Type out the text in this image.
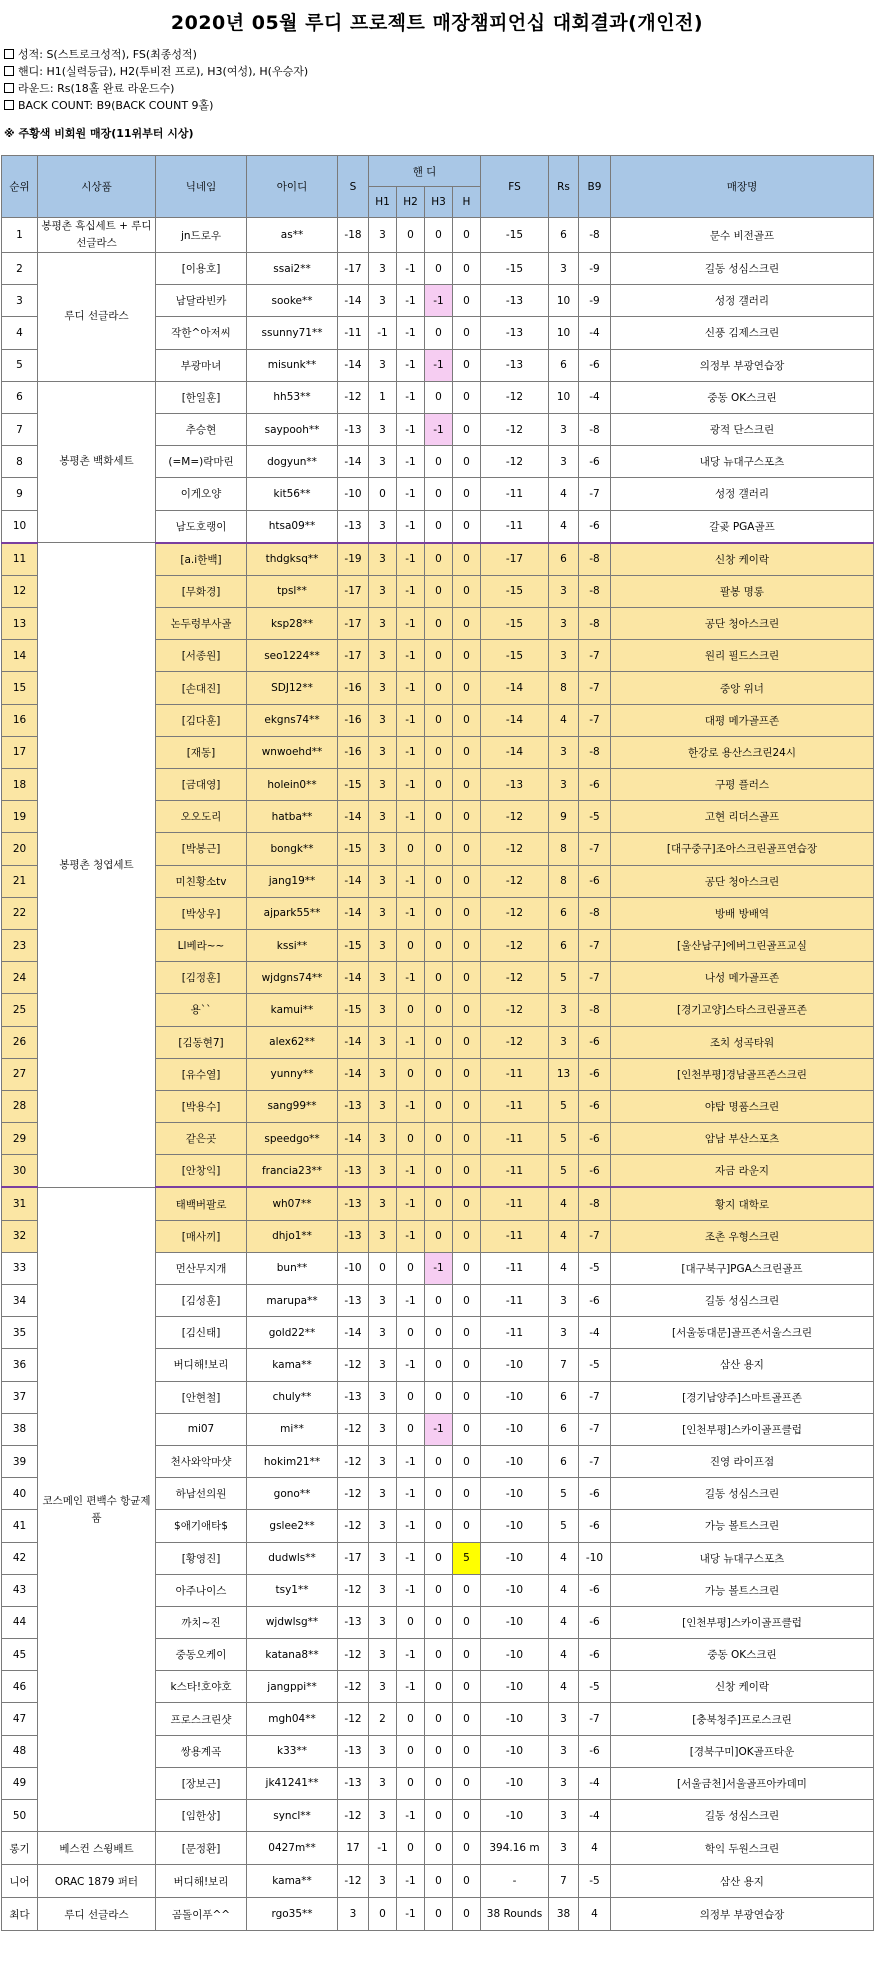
2020년 05월 루디 프로젝트 매장챔피언십 대회결과(개인전)
성적: S(스트로크성적), FS(최종성적)
핸디: H1(실력등급), H2(투비전 프로), H3(여성), H(우승자)
라운드: Rs(18홀 완료 라운드수)
BACK COUNT: B9(BACK COUNT 9홀)
※ 주황색 비회원 매장(11위부터 시상)
순위	시상품	닉네임	아이디	S	핸 디				FS	Rs	B9	매장명
					H1	H2	H3	H				
1	봉평촌 흑십세트 + 루디 선글라스	jn드로우	as**	-18	3	0	0	0	-15	6	-8	문수 비전골프
2	루디 선글라스	[이용호]	ssai2**	-17	3	-1	0	0	-15	3	-9	길동 성심스크린
3		남달라빈카	sooke**	-14	3	-1	-1	0	-13	10	-9	성정 갤러리
4		작한^아저씨	ssunny71**	-11	-1	-1	0	0	-13	10	-4	신풍 김제스크린
5		부광마녀	misunk**	-14	3	-1	-1	0	-13	6	-6	의정부 부광연습장
6	봉평촌 백화세트	[한일훈]	hh53**	-12	1	-1	0	0	-12	10	-4	중동 OK스크린
7		추승현	saypooh**	-13	3	-1	-1	0	-12	3	-8	광적 단스크린
8		(=M=)락마린	dogyun**	-14	3	-1	0	0	-12	3	-6	내당 뉴대구스포츠
9		이게오양	kit56**	-10	0	-1	0	0	-11	4	-7	성정 갤러리
10		남도호랭이	htsa09**	-13	3	-1	0	0	-11	4	-6	갈곶 PGA골프
11	봉평촌 청엽세트	[a.i한백]	thdgksq**	-19	3	-1	0	0	-17	6	-8	신창 케이락
12		[무화경]	tpsl**	-17	3	-1	0	0	-15	3	-8	팔봉 명롱
13		논두렁부사골	ksp28**	-17	3	-1	0	0	-15	3	-8	공단 청아스크린
14		[서종원]	seo1224**	-17	3	-1	0	0	-15	3	-7	원리 필드스크린
15		[손대진]	SDJ12**	-16	3	-1	0	0	-14	8	-7	중앙 위너
16		[김다훈]	ekgns74**	-16	3	-1	0	0	-14	4	-7	대평 메가골프존
17		[재동]	wnwoehd**	-16	3	-1	0	0	-14	3	-8	한강로 용산스크린24시
18		[금대영]	holein0**	-15	3	-1	0	0	-13	3	-6	구평 플러스
19		오오도리	hatba**	-14	3	-1	0	0	-12	9	-5	고현 리더스골프
20		[박봉근]	bongk**	-15	3	0	0	0	-12	8	-7	[대구중구]조아스크린골프연습장
21		미친황소tv	jang19**	-14	3	-1	0	0	-12	8	-6	공단 청아스크린
22		[박상우]	ajpark55**	-14	3	-1	0	0	-12	6	-8	방배 방배역
23		Ll베라~~	kssi**	-15	3	0	0	0	-12	6	-7	[울산남구]에버그린골프교실
24		[김정훈]	wjdgns74**	-14	3	-1	0	0	-12	5	-7	나성 메가골프존
25		용``	kamui**	-15	3	0	0	0	-12	3	-8	[경기고양]스타스크린골프존
26		[김동현7]	alex62**	-14	3	-1	0	0	-12	3	-6	조치 성곡타워
27		[유수열]	yunny**	-14	3	0	0	0	-11	13	-6	[인천부평]경남골프존스크린
28		[박용수]	sang99**	-13	3	-1	0	0	-11	5	-6	야탑 명품스크린
29		같은곳	speedgo**	-14	3	0	0	0	-11	5	-6	암남 부산스포츠
30		[안창익]	francia23**	-13	3	-1	0	0	-11	5	-6	자금 라운지
31	코스메인 편백수 항균제품	태백버팔로	wh07**	-13	3	-1	0	0	-11	4	-8	황지 대학로
32		[매사끼]	dhjo1**	-13	3	-1	0	0	-11	4	-7	조촌 우형스크린
33		먼산무지개	bun**	-10	0	0	-1	0	-11	4	-5	[대구북구]PGA스크린골프
34		[김성훈]	marupa**	-13	3	-1	0	0	-11	3	-6	길동 성심스크린
35		[김신태]	gold22**	-14	3	0	0	0	-11	3	-4	[서울동대문]골프존서울스크린
36		버디해!보리	kama**	-12	3	-1	0	0	-10	7	-5	삼산 용지
37		[안현철]	chuly**	-13	3	0	0	0	-10	6	-7	[경기남양주]스마트골프존
38		mi07	mi**	-12	3	0	-1	0	-10	6	-7	[인천부평]스카이골프클럽
39		천사와악마샷	hokim21**	-12	3	-1	0	0	-10	6	-7	진영 라이프점
40		하남선의원	gono**	-12	3	-1	0	0	-10	5	-6	길동 성심스크린
41		$애기애타$	gslee2**	-12	3	-1	0	0	-10	5	-6	가능 볼트스크린
42		[황영진]	dudwls**	-17	3	-1	0	5	-10	4	-10	내당 뉴대구스포츠
43		아주나이스	tsy1**	-12	3	-1	0	0	-10	4	-6	가능 볼트스크린
44		까치~진	wjdwlsg**	-13	3	0	0	0	-10	4	-6	[인천부평]스카이골프클럽
45		중동오케이	katana8**	-12	3	-1	0	0	-10	4	-6	중동 OK스크린
46		k스타!호야호	jangppi**	-12	3	-1	0	0	-10	4	-5	신창 케이락
47		프로스크린샷	mgh04**	-12	2	0	0	0	-10	3	-7	[충북청주]프로스크린
48		쌍용계곡	k33**	-13	3	0	0	0	-10	3	-6	[경북구미]OK골프타운
49		[장보근]	jk41241**	-13	3	0	0	0	-10	3	-4	[서울금천]서울골프아카데미
50		[임한상]	syncl**	-12	3	-1	0	0	-10	3	-4	길동 성심스크린
롱기	베스컨 스윙배트	[문정환]	0427m**	17	-1	0	0	0	394.16 m	3	4	학익 두원스크린
니어	ORAC 1879 퍼터	버디해!보리	kama**	-12	3	-1	0	0	-	7	-5	삼산 용지
최다	루디 선글라스	곰돌이푸^^	rgo35**	3	0	-1	0	0	38 Rounds	38	4	의정부 부광연습장
